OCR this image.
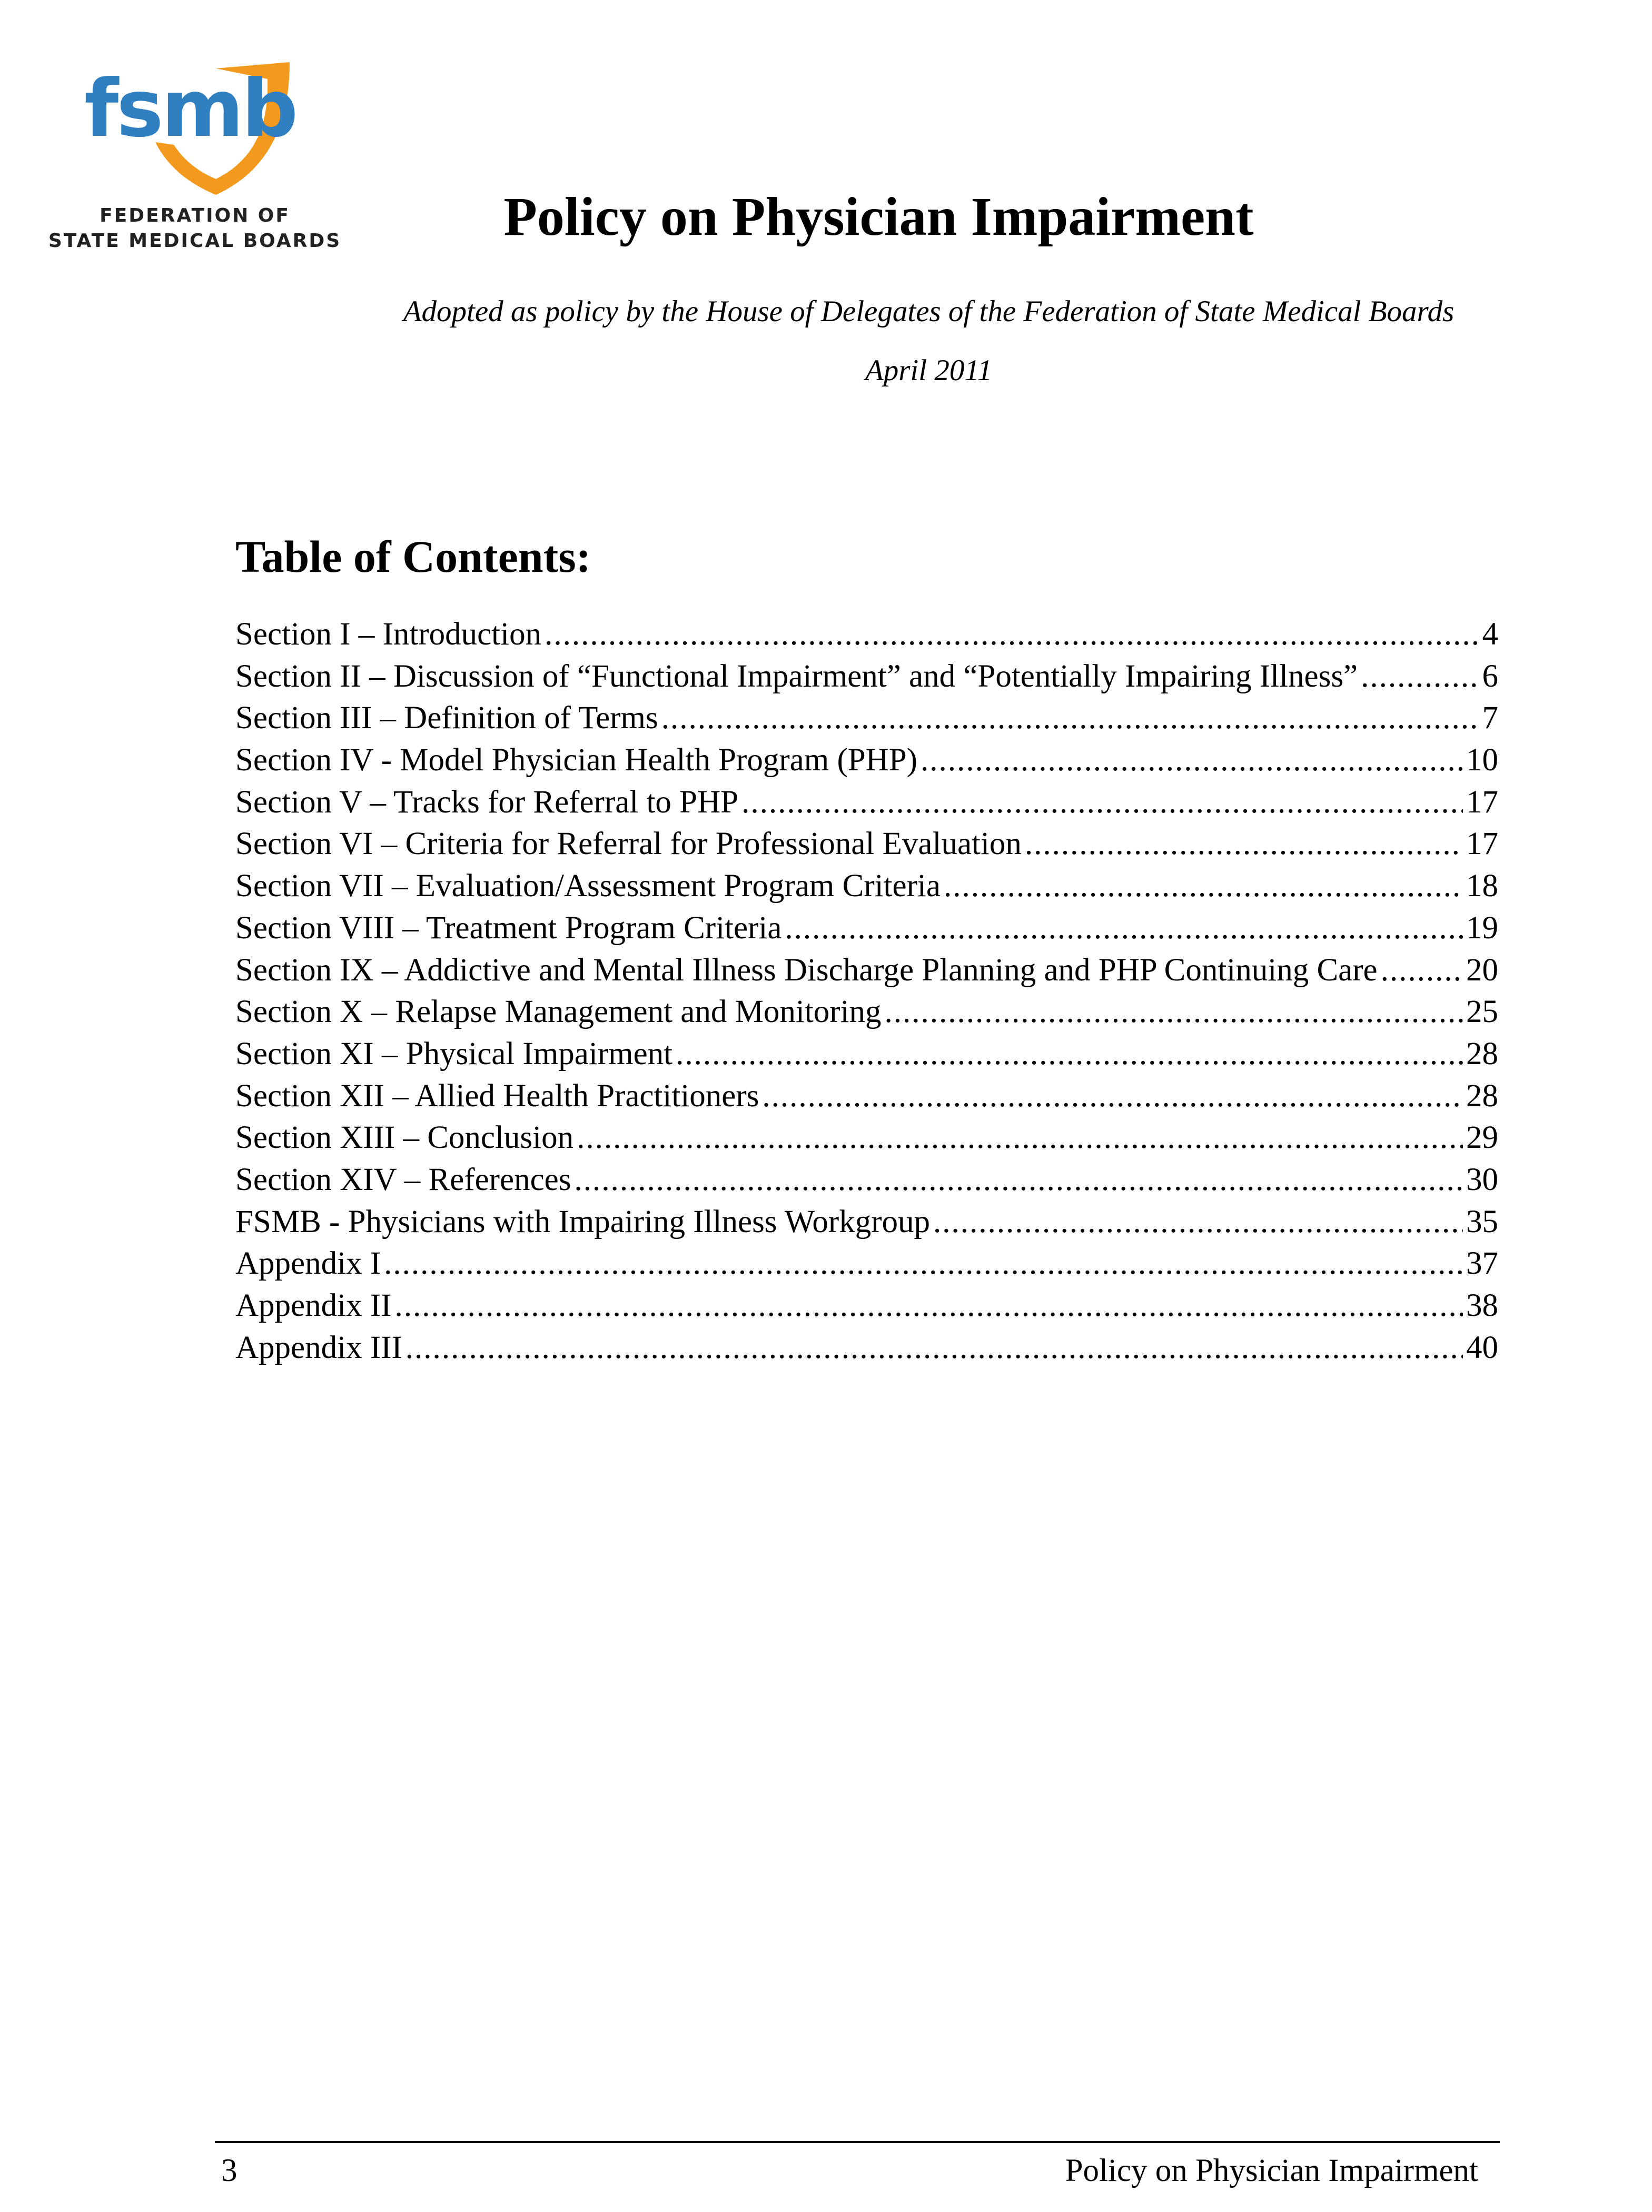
fsmb
FEDERATION OF
STATE MEDICAL BOARDS	Policy on Physician Impairment
Adopted as policy by the House of Delegates of the Federation of State Medical Boards
April 2011
Table of Contents:
Section I – Introduction .....	4
Section II – Discussion of “Functional Impairment” and “Potentially Impairing Illness” .....	6
Section III – Definition of Terms .....	7
Section IV - Model Physician Health Program (PHP) .....	10
Section V – Tracks for Referral to PHP .....	17
Section VI – Criteria for Referral for Professional Evaluation .....	17
Section VII – Evaluation/Assessment Program Criteria .....	18
Section VIII – Treatment Program Criteria .....	19
Section IX – Addictive and Mental Illness Discharge Planning and PHP Continuing Care .....	20
Section X – Relapse Management and Monitoring .....	25
Section XI – Physical Impairment .....	28
Section XII – Allied Health Practitioners .....	28
Section XIII – Conclusion .....	29
Section XIV – References .....	30
FSMB - Physicians with Impairing Illness Workgroup .....	35
Appendix I .....	37
Appendix II .....	38
Appendix III .....	40
3	Policy on Physician Impairment
